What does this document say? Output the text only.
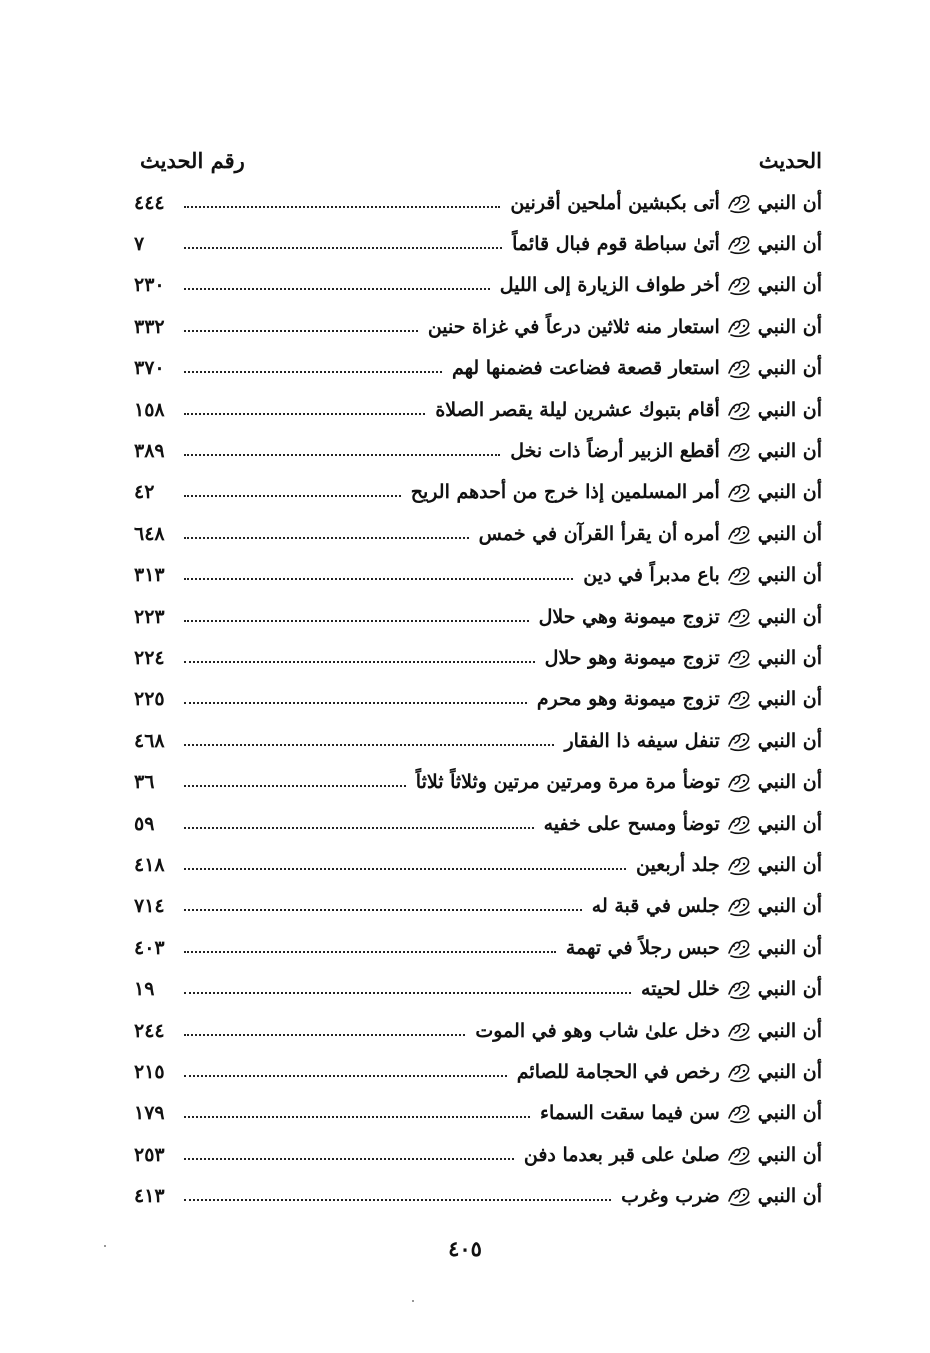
الحديث
رقم الحديث
أن النبي
أتى بكبشين أملحين أقرنين
٤٤٤
أن النبي
أتىٰ سباطة قوم فبال قائماً
٧
أن النبي
أخر طواف الزيارة إلى الليل
٢٣٠
أن النبي
استعار منه ثلاثين درعاً في غزاة حنين
٣٣٢
أن النبي
استعار قصعة فضاعت فضمنها لهم
٣٧٠
أن النبي
أقام بتبوك عشرين ليلة يقصر الصلاة
١٥٨
أن النبي
أقطع الزبير أرضاً ذات نخل
٣٨٩
أن النبي
أمر المسلمين إذا خرج من أحدهم الريح
٤٢
أن النبي
أمره أن يقرأ القرآن في خمس
٦٤٨
أن النبي
باع مدبراً في دين
٣١٣
أن النبي
تزوج ميمونة وهي حلال
٢٢٣
أن النبي
تزوج ميمونة وهو حلال
٢٢٤
أن النبي
تزوج ميمونة وهو محرم
٢٢٥
أن النبي
تنفل سيفه ذا الفقار
٤٦٨
أن النبي
توضأ مرة مرة ومرتين مرتين وثلاثاً ثلاثاً
٣٦
أن النبي
توضأ ومسح على خفيه
٥٩
أن النبي
جلد أربعين
٤١٨
أن النبي
جلس في قبة له
٧١٤
أن النبي
حبس رجلاً في تهمة
٤٠٣
أن النبي
خلل لحيته
١٩
أن النبي
دخل علىٰ شاب وهو في الموت
٢٤٤
أن النبي
رخص في الحجامة للصائم
٢١٥
أن النبي
سن فيما سقت السماء
١٧٩
أن النبي
صلىٰ على قبر بعدما دفن
٢٥٣
أن النبي
ضرب وغرب
٤١٣
٤٠٥
